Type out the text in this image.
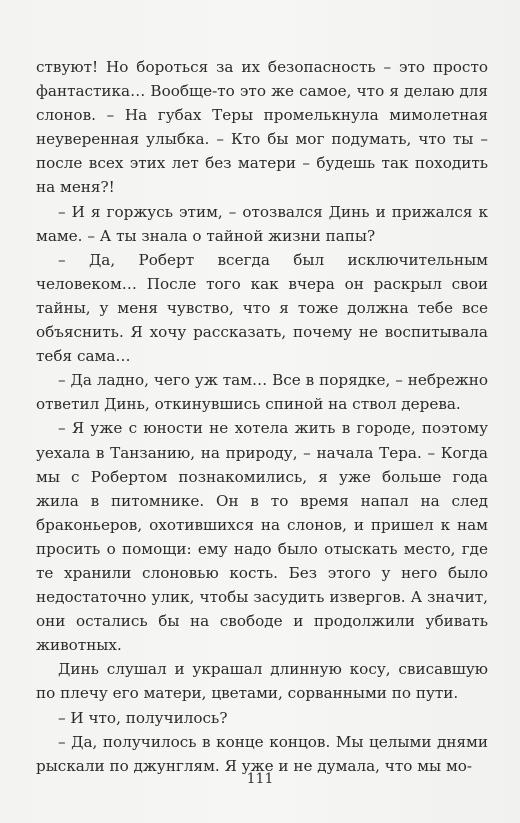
ствуют! Но бороться за их безопасность – это просто фантастика… Вообще-то это же самое, что я делаю для слонов. – На губах Теры промелькнула мимолетная неуверенная улыбка. – Кто бы мог подумать, что ты – после всех этих лет без матери – будешь так походить на меня?!

– И я горжусь этим, – отозвался Динь и прижался к маме. – А ты знала о тайной жизни папы?

– Да, Роберт всегда был исключительным человеком… После того как вчера он раскрыл свои тайны, у меня чувство, что я тоже должна тебе все объяснить. Я хочу рассказать, почему не воспитывала тебя сама…

– Да ладно, чего уж там… Все в порядке, – небрежно ответил Динь, откинувшись спиной на ствол дерева.

– Я уже с юности не хотела жить в городе, поэтому уехала в Танзанию, на природу, – начала Тера. – Когда мы с Робертом познакомились, я уже больше года жила в питомнике. Он в то время напал на след браконьеров, охотившихся на слонов, и пришел к нам просить о помощи: ему надо было отыскать место, где те хранили слоновью кость. Без этого у него было недостаточно улик, чтобы засудить извергов. А значит, они остались бы на свободе и продолжили убивать животных.

Динь слушал и украшал длинную косу, свисавшую по плечу его матери, цветами, сорванными по пути.

– И что, получилось?

– Да, получилось в конце концов. Мы целыми днями рыскали по джунглям. Я уже и не думала, что мы мо-

111
